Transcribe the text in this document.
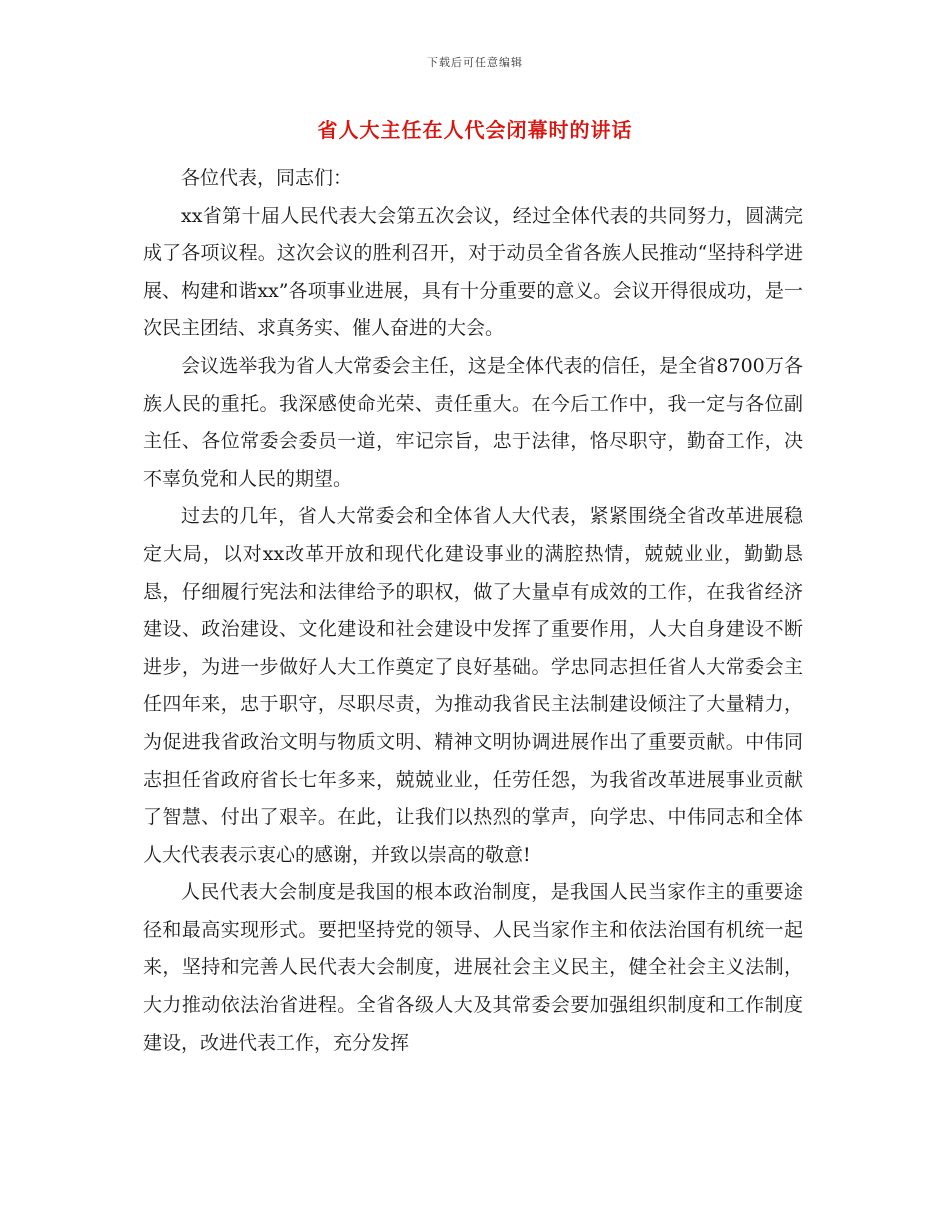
下载后可任意编辑
省人大主任在人代会闭幕时的讲话

各位代表，同志们：

xx省第十届人民代表大会第五次会议，经过全体代表的共同努力，圆满完成了各项议程。这次会议的胜利召开，对于动员全省各族人民推动“坚持科学进展、构建和谐xx”各项事业进展，具有十分重要的意义。会议开得很成功，是一次民主团结、求真务实、催人奋进的大会。

会议选举我为省人大常委会主任，这是全体代表的信任，是全省8700万各族人民的重托。我深感使命光荣、责任重大。在今后工作中，我一定与各位副主任、各位常委会委员一道，牢记宗旨，忠于法律，恪尽职守，勤奋工作，决不辜负党和人民的期望。

过去的几年，省人大常委会和全体省人大代表，紧紧围绕全省改革进展稳定大局，以对xx改革开放和现代化建设事业的满腔热情，兢兢业业，勤勤恳恳，仔细履行宪法和法律给予的职权，做了大量卓有成效的工作，在我省经济建设、政治建设、文化建设和社会建设中发挥了重要作用，人大自身建设不断进步，为进一步做好人大工作奠定了良好基础。学忠同志担任省人大常委会主任四年来，忠于职守，尽职尽责，为推动我省民主法制建设倾注了大量精力，为促进我省政治文明与物质文明、精神文明协调进展作出了重要贡献。中伟同志担任省政府省长七年多来，兢兢业业，任劳任怨，为我省改革进展事业贡献了智慧、付出了艰辛。在此，让我们以热烈的掌声，向学忠、中伟同志和全体人大代表表示衷心的感谢，并致以崇高的敬意!

人民代表大会制度是我国的根本政治制度，是我国人民当家作主的重要途径和最高实现形式。要把坚持党的领导、人民当家作主和依法治国有机统一起来，坚持和完善人民代表大会制度，进展社会主义民主，健全社会主义法制，大力推动依法治省进程。全省各级人大及其常委会要加强组织制度和工作制度建设，改进代表工作，充分发挥
